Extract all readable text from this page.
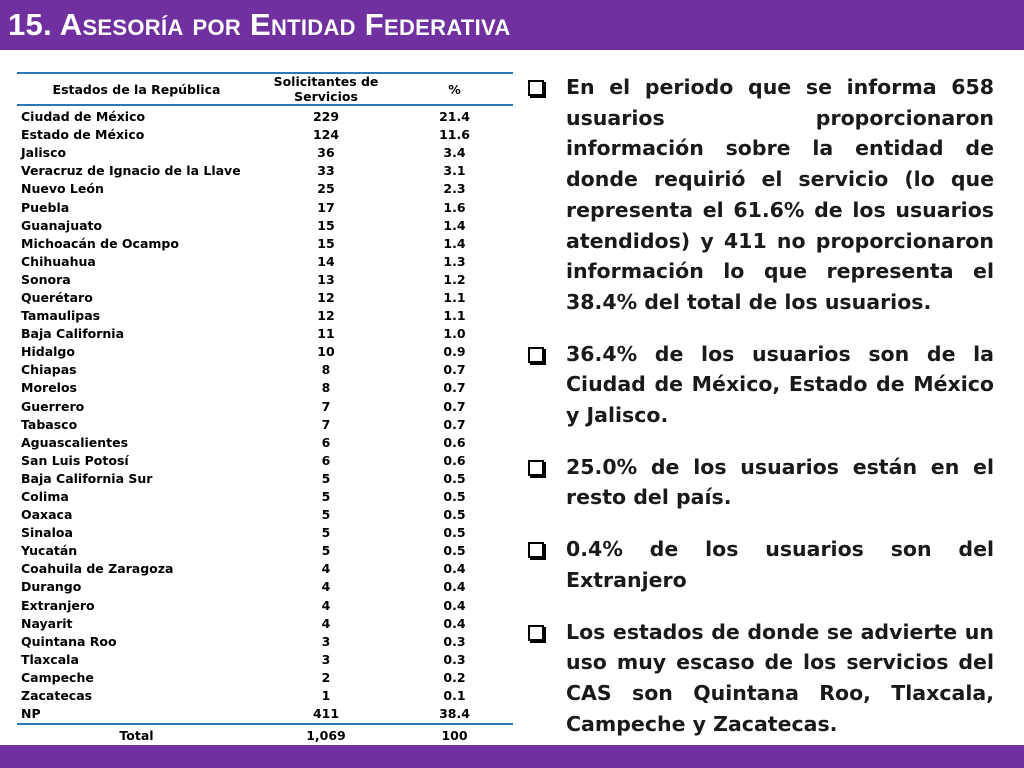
15. Asesoría por Entidad Federativa
Estados de la República	Solicitantes de Servicios	%
Ciudad de México	229	21.4
Estado de México	124	11.6
Jalisco	36	3.4
Veracruz de Ignacio de la Llave	33	3.1
Nuevo León	25	2.3
Puebla	17	1.6
Guanajuato	15	1.4
Michoacán de Ocampo	15	1.4
Chihuahua	14	1.3
Sonora	13	1.2
Querétaro	12	1.1
Tamaulipas	12	1.1
Baja California	11	1.0
Hidalgo	10	0.9
Chiapas	8	0.7
Morelos	8	0.7
Guerrero	7	0.7
Tabasco	7	0.7
Aguascalientes	6	0.6
San Luis Potosí	6	0.6
Baja California Sur	5	0.5
Colima	5	0.5
Oaxaca	5	0.5
Sinaloa	5	0.5
Yucatán	5	0.5
Coahuila de Zaragoza	4	0.4
Durango	4	0.4
Extranjero	4	0.4
Nayarit	4	0.4
Quintana Roo	3	0.3
Tlaxcala	3	0.3
Campeche	2	0.2
Zacatecas	1	0.1
NP	411	38.4
Total	1,069	100
En el periodo que se informa 658 usuarios proporcionaron información sobre la entidad de donde requirió el servicio (lo que representa el 61.6% de los usuarios atendidos) y 411 no proporcionaron información lo que representa el 38.4% del total de los usuarios.
36.4% de los usuarios son de la Ciudad de México, Estado de México y Jalisco.
25.0% de los usuarios están en el resto del país.
0.4% de los usuarios son del Extranjero
Los estados de donde se advierte un uso muy escaso de los servicios del CAS son Quintana Roo, Tlaxcala, Campeche y Zacatecas.
